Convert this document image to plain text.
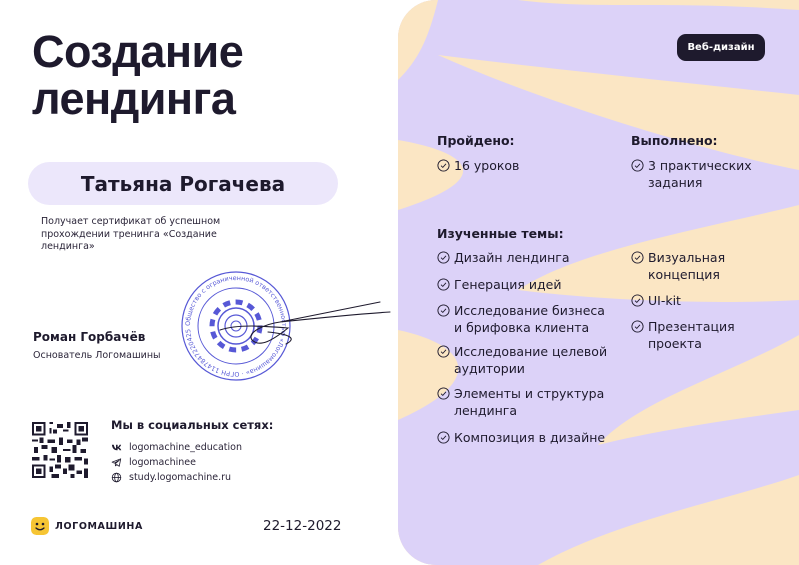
Создание
лендинга
Татьяна Рогачева
Получает сертификат об успешном прохождении тренинга «Создание лендинга»
Общество с ограниченной ответственностью «Логомашина» · ОГРН 1147847220425
Роман Горбачёв
Основатель Логомашины
Мы в социальных сетях:
logomachine_education
logomachinee
study.logomachine.ru
ЛОГОМАШИНА	22-12-2022
Веб-дизайн
Пройдено:
16 уроков
Выполнено:
3 практических
задания
Изученные темы:
Дизайн лендинга
Генерация идей
Исследование бизнеса
и брифовка клиента
Исследование целевой
аудитории
Элементы и структура
лендинга
Композиция в дизайне
Визуальная
концепция
UI-kit
Презентация
проекта
